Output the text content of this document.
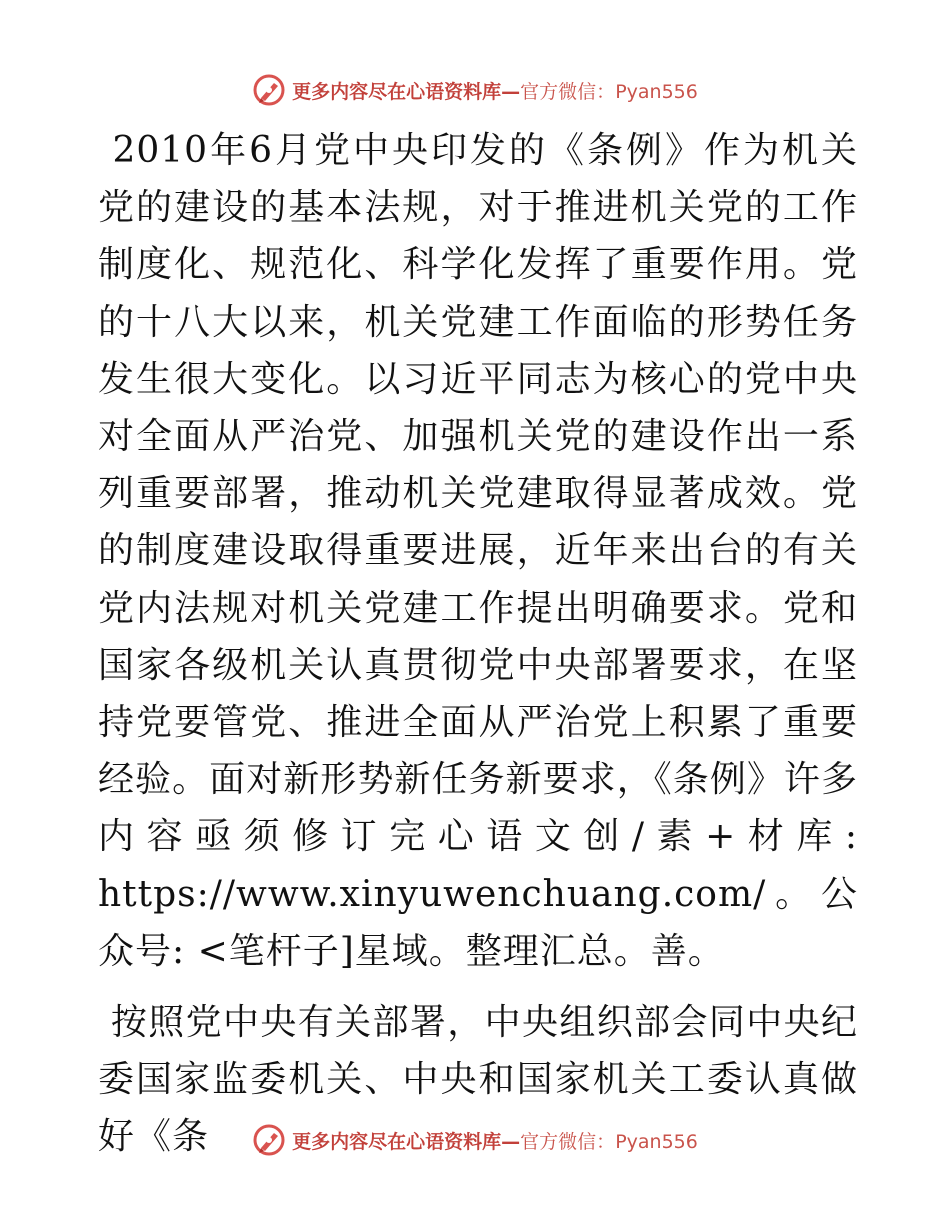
更多内容尽在心语资料库—官方微信：Pyan556

2010年6月党中央印发的《条例》作为机关党的建设的基本法规，对于推进机关党的工作制度化、规范化、科学化发挥了重要作用。党的十八大以来，机关党建工作面临的形势任务发生很大变化。以习近平同志为核心的党中央对全面从严治党、加强机关党的建设作出一系列重要部署，推动机关党建取得显著成效。党的制度建设取得重要进展，近年来出台的有关党内法规对机关党建工作提出明确要求。党和国家各级机关认真贯彻党中央部署要求，在坚持党要管党、推进全面从严治党上积累了重要经验。面对新形势新任务新要求，《条例》许多内容亟须修订完心语文创/素+材库: https://www.xinyuwenchuang.com/。公众号: <笔杆子]星域。整理汇总。善。

按照党中央有关部署，中央组织部会同中央纪委国家监委机关、中央和国家机关工委认真做好《条	更多内容尽在心语资料库—官方微信：Pyan556
